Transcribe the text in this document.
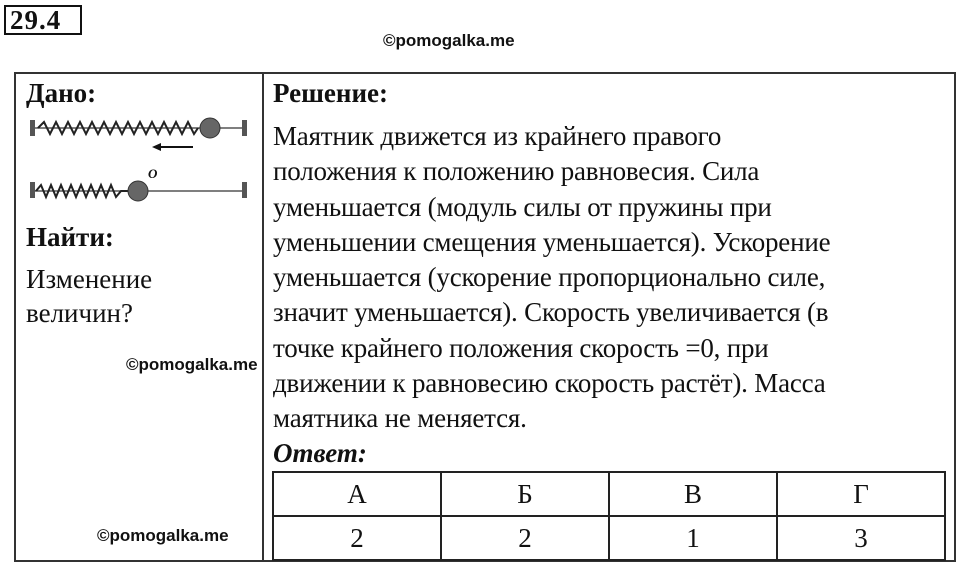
29.4
©pomogalka.me
Дано:
O
Найти:
Изменение
величин?
©pomogalka.me
©pomogalka.me
Решение:
Маятник движется из крайнего правого
положения к положению равновесия. Сила
уменьшается (модуль силы от пружины при
уменьшении смещения уменьшается). Ускорение
уменьшается (ускорение пропорционально силе,
значит уменьшается). Скорость увеличивается (в
точке крайнего положения скорость =0, при
движении к равновесию скорость растёт). Масса
маятника не меняется.
Ответ:
А	Б	В	Г
2	2	1	3
